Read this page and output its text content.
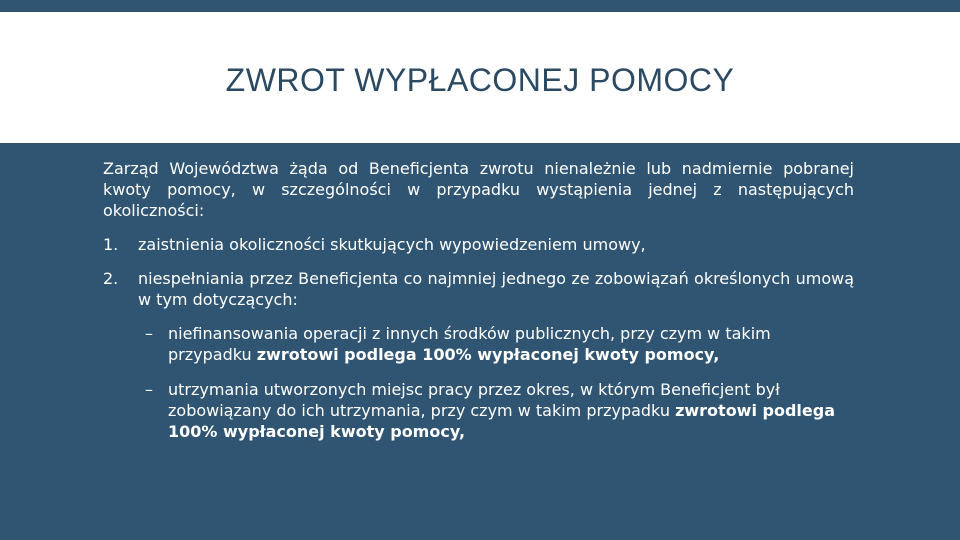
ZWROT WYPŁACONEJ POMOCY

Zarząd Województwa żąda od Beneficjenta zwrotu nienależnie lub nadmiernie pobranej kwoty pomocy, w szczególności w przypadku wystąpienia jednej z następujących okoliczności:

1.	zaistnienia okoliczności skutkujących wypowiedzeniem umowy,
2.	niespełniania przez Beneficjenta co najmniej jednego ze zobowiązań określonych umową w tym dotyczących:
– niefinansowania operacji z innych środków publicznych, przy czym w takim przypadku zwrotowi podlega 100% wypłaconej kwoty pomocy,
– utrzymania utworzonych miejsc pracy przez okres, w którym Beneficjent był zobowiązany do ich utrzymania, przy czym w takim przypadku zwrotowi podlega 100% wypłaconej kwoty pomocy,
